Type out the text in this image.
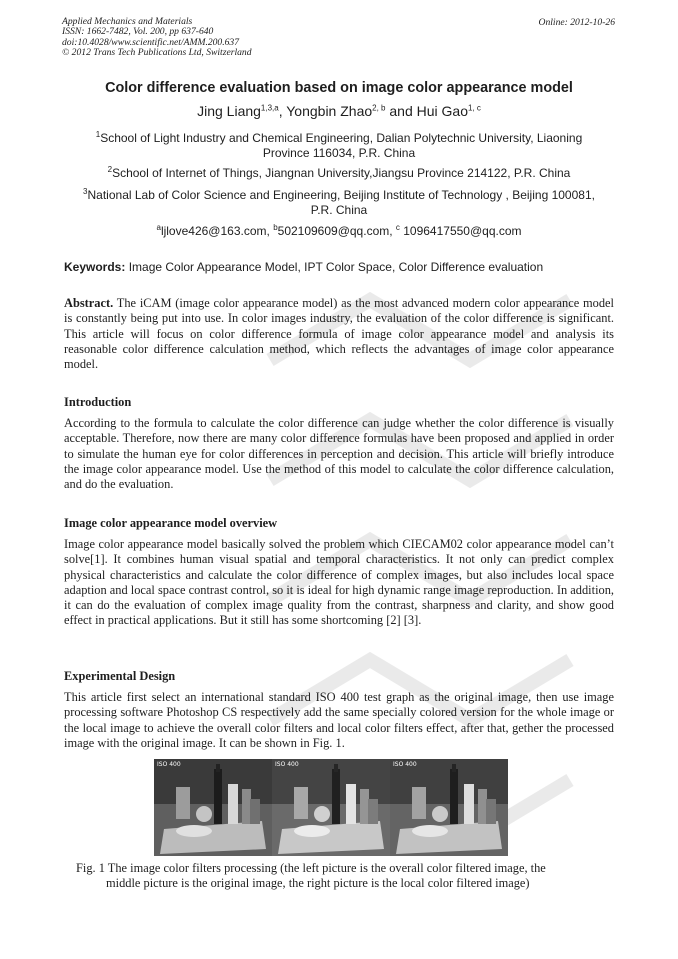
Applied Mechanics and Materials
ISSN: 1662-7482, Vol. 200, pp 637-640
doi:10.4028/www.scientific.net/AMM.200.637
© 2012 Trans Tech Publications Ltd, Switzerland
Online: 2012-10-26
Color difference evaluation based on image color appearance model
Jing Liang$^{1,3,a}$, Yongbin Zhao$^{2, b}$ and Hui Gao$^{1, c}$
$^1$School of Light Industry and Chemical Engineering, Dalian Polytechnic University, Liaoning
Province 116034, P.R. China
$^2$School of Internet of Things, Jiangnan University,Jiangsu Province 214122, P.R. China
$^3$National Lab of Color Science and Engineering, Beijing Institute of Technology , Beijing 100081,
P.R. China
$^a$ljlove426@163.com, $^b$502109609@qq.com, $^c$ 1096417550@qq.com
Keywords: Image Color Appearance Model, IPT Color Space, Color Difference evaluation
Abstract. The iCAM (image color appearance model) as the most advanced modern color appearance model is constantly being put into use. In color images industry, the evaluation of the color difference is significant. This article will focus on color difference formula of image color appearance model and analysis its reasonable color difference calculation method, which reflects the advantages of image color appearance model.
Introduction
According to the formula to calculate the color difference can judge whether the color difference is visually acceptable. Therefore, now there are many color difference formulas have been proposed and applied in order to simulate the human eye for color differences in perception and decision. This article will briefly introduce the image color appearance model. Use the method of this model to calculate the color difference calculation, and do the evaluation.
Image color appearance model overview
Image color appearance model basically solved the problem which CIECAM02 color appearance model can’t solve[1]. It combines human visual spatial and temporal characteristics. It not only can predict complex physical characteristics and calculate the color difference of complex images, but also includes local space adaption and local space contrast control, so it is ideal for high dynamic range image reproduction. In addition, it can do the evaluation of complex image quality from the contrast, sharpness and clarity, and show good effect in practical applications. But it still has some shortcoming [2] [3].
Experimental Design
This article first select an international standard ISO 400 test graph as the original image, then use image processing software Photoshop CS respectively add the same specially colored version for the whole image or the local image to achieve the overall color filters and local color filters effect, after that, gether the processed image with the original image. It can be shown in Fig. 1.
ISO 400	ISO 400	ISO 400
Fig. 1 The image color filters processing (the left picture is the overall color filtered image, the
middle picture is the original image, the right picture is the local color filtered image)
